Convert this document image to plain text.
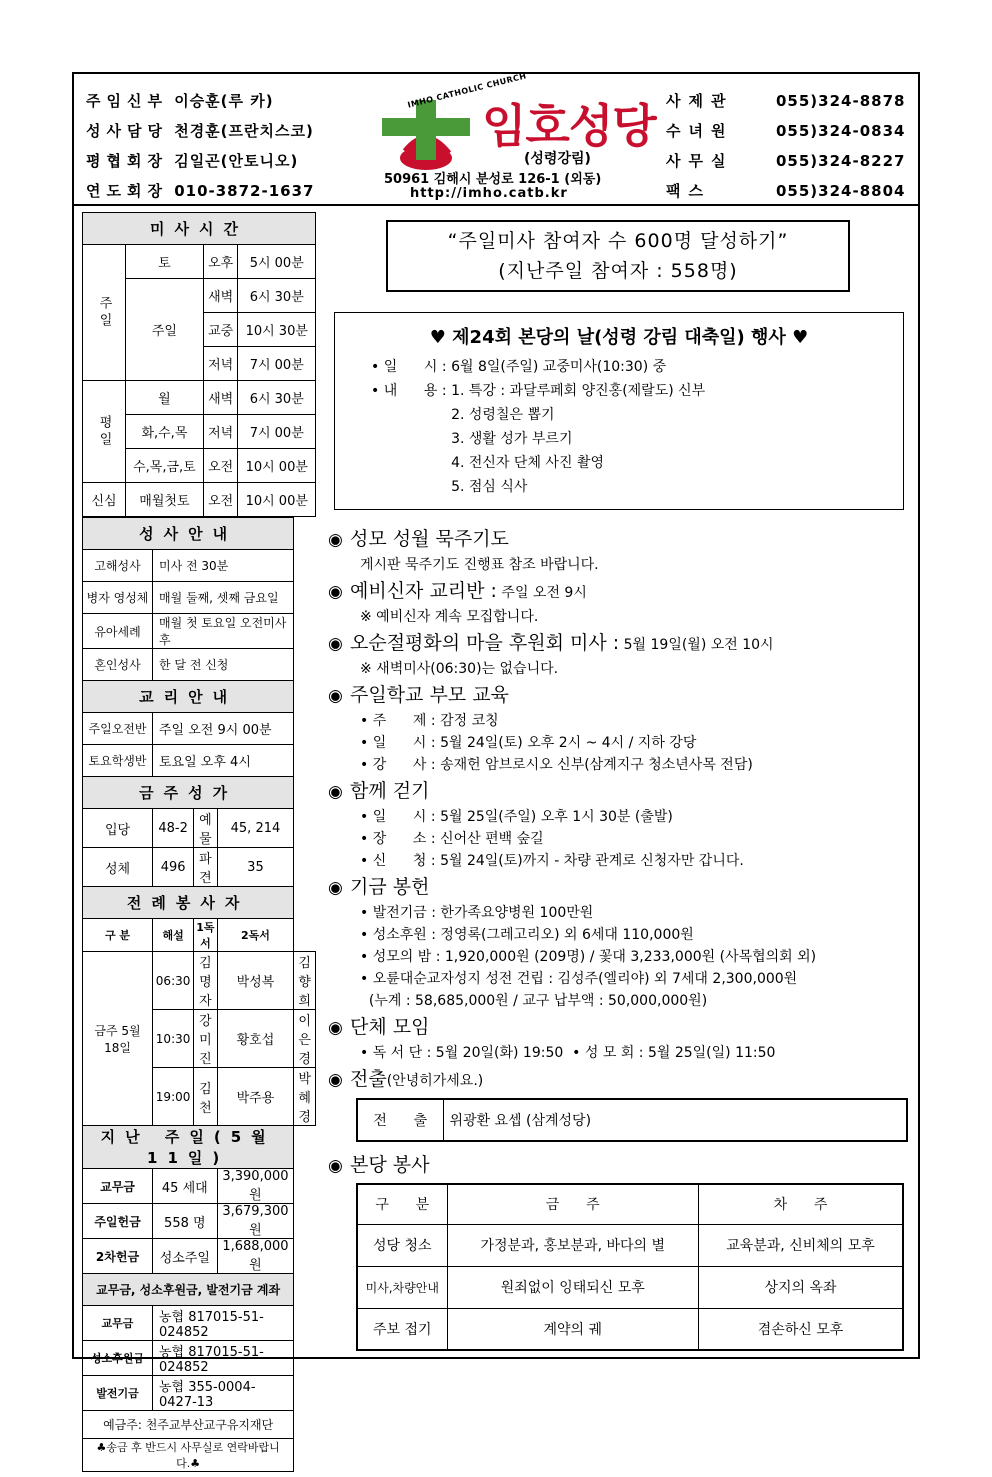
주임신부 이승훈(루 카)
성사담당 천경훈(프란치스코)
평협회장 김일곤(안토니오)
연도회장 010-3872-1637
IMHO CATHOLIC CHURCH
임호성당
(성령강림)
50961 김해시 분성로 126-1 (외동)
http://imho.catb.kr
사제관	055)324-8878
수녀원	055)324-0834
사무실	055)324-8227
팩스	055)324-8804
미사시간			
주일	토	오후	5시 00분
	주일	새벽	6시 30분
		교중	10시 30분
		저녁	7시 00분
평일	월	새벽	6시 30분
	화,수,목	저녁	7시 00분
	수,목,금,토	오전	10시 00분
신심	매월첫토	오전	10시 00분
성사안내				
고해성사	미사 전 30분			
병자 영성체	매월 둘째, 셋째 금요일			
유아세례	매월 첫 토요일 오전미사 후			
혼인성사	한 달 전 신청			
교리안내				
주일오전반	주일 오전 9시 00분			
토요학생반	토요일 오후 4시			
금주성가				
입당	48-2	예물	45, 214	
성체	496	파견	35	
전례봉사자				
구 분	해설	1독서	2독서	
금주 5월 18일	06:30	김명자	박성복	김향희
	10:30	강미진	황호섭	이은경
	19:00	김 천	박주용	박혜경
지난 주일(5월 11일)				
교무금	45 세대		3,390,000원	
주일헌금	558 명		3,679,300원	
2차헌금	성소주일		1,688,000원	
교무금, 성소후원금, 발전기금 계좌				
교무금	농협 817015-51-024852			
성소후원금	농협 817015-51-024852			
발전기금	농협 355-0004-0427-13			
예금주: 천주교부산교구유지재단				
♣송금 후 반드시 사무실로 연락바랍니다.♣				
“주일미사 참여자 수 600명 달성하기”
(지난주일 참여자 : 558명)
♥ 제24회 본당의 날(성령 강림 대축일) 행사 ♥
• 일      시 : 6월 8일(주일) 교중미사(10:30) 중
• 내      용 : 1. 특강 : 과달루페회 양진홍(제랄도) 신부
2. 성령칠은 뽑기
3. 생활 성가 부르기
4. 전신자 단체 사진 촬영
5. 점심 식사
◉ 성모 성월 묵주기도
게시판 묵주기도 진행표 참조 바랍니다.
◉ 예비신자 교리반 : 주일 오전 9시
※ 예비신자 계속 모집합니다.
◉ 오순절평화의 마을 후원회 미사 : 5월 19일(월) 오전 10시
※ 새벽미사(06:30)는 없습니다.
◉ 주일학교 부모 교육
• 주      제 : 감정 코칭
• 일      시 : 5월 24일(토) 오후 2시 ~ 4시 / 지하 강당
• 강      사 : 송재헌 암브로시오 신부(삼계지구 청소년사목 전담)
◉ 함께 걷기
• 일      시 : 5월 25일(주일) 오후 1시 30분 (출발)
• 장      소 : 신어산 편백 숲길
• 신      청 : 5월 24일(토)까지 - 차량 관계로 신청자만 갑니다.
◉ 기금 봉헌
• 발전기금 : 한가족요양병원 100만원
• 성소후원 : 정영록(그레고리오) 외 6세대 110,000원
• 성모의 밤 : 1,920,000원 (209명) / 꽃대 3,233,000원 (사목협의회 외)
• 오륜대순교자성지 성전 건립 : 김성주(엘리야) 외 7세대 2,300,000원
(누계 : 58,685,000원 / 교구 납부액 : 50,000,000원)
◉ 단체 모임
• 독 서 단 : 5월 20일(화) 19:50  • 성 모 회 : 5월 25일(일) 11:50
◉ 전출(안녕히가세요.)
전      출	위광환 요셉 (삼계성당)
◉ 본당 봉사
구      분	금      주	차      주
성당 청소	가정분과, 홍보분과, 바다의 별	교육분과, 신비체의 모후
미사,차량안내	원죄없이 잉태되신 모후	상지의 옥좌
주보 접기	계약의 궤	겸손하신 모후
